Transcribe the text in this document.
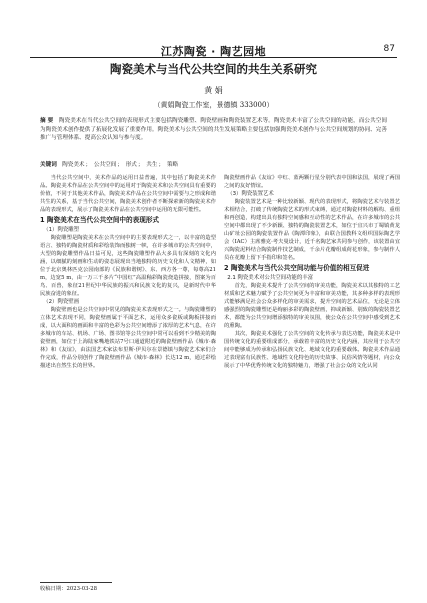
江苏陶瓷 · 陶艺园地	87
陶瓷美术与当代公共空间的共生关系研究
黄 娟
（黄娟陶瓷工作室，景德镇 333000）
摘 要 陶瓷美术在当代公共空间的表现形式主要包括陶瓷雕塑、陶瓷壁画和陶瓷装置艺术等。陶瓷美术丰富了公共空间的功能，而公共空间为陶瓷美术创作提供了拓展化发展了重要作用。陶瓷美术与公共空间的共生发展策略主要包括加强陶瓷美术创作与公共空间规划的协同、完善推广与管理体系、提高公众认知与参与度。
关键词 陶瓷美术； 公共空间； 形式； 共生； 策略

当代公共空间中，美术作品的运用日益普遍，其中包括了陶瓷美术作品。陶瓷美术作品在公共空间中的运用对于陶瓷美术和公共空间具有重要的价值，不同于其他美术作品，陶瓷美术作品在公共空间中需要与之形成和谐共生的关系，基于当代公共空间，陶瓷美术创作者不断探索新的陶瓷美术作品的表现形式，展示了陶瓷美术作品在公共空间中运用的无限可能性。

1 陶瓷美术在当代公共空间中的表现形式
（1）陶瓷雕塑

陶瓷雕塑是陶瓷美术在公共空间中的主要表现形式之一，以丰富的造型语言、独特的陶瓷材质和彩绘装饰而独树一帜，在许多城市的公共空间中，大型的陶瓷雕塑作品日益可见，这些陶瓷雕塑作品大多具有深刻的文化内涵，以细腻的刻画和生动的姿态展现出当地独特的历史文化和人文精神，如位于北京奥林匹克公园南部的《民族和谐树》、东、西方各一尊，每尊高21 m，边宽5 m，由一万三千多片“中国红”高温釉彩陶瓷烧造拼接，图案为百鸟、百兽，象征21世纪中华民族的振兴和民族文化的复兴，是新时代中华民族奋进的象征。

（2）陶瓷壁画

陶瓷壁画也是公共空间中常见的陶瓷美术表现形式之一。与陶瓷雕塑的立体艺术表现不同，陶瓷壁画属于平面艺术，运用众多瓷板或陶板拼接而成，以大面积的画面和丰富的色彩为公共空间增添了浓厚的艺术气息，在许多城市的车站、机场、广场、图书馆等公共空间中常可以看到不少精美的陶瓷壁画，如位于上海陆家嘴地铁站7号口通道附近的陶瓷壁画作品《城市·森林》和《友谊》，由法国艺术家法布里斯·伊贝尔在景德镇与陶瓷艺术家们合作完成，作品分别创作了陶瓷壁画作品《城市·森林》长达12 m，通过彩绘描述出自然生长的世界。

陶瓷壁画作品《友谊》中红、蓝两颗行星分别代表中国和法国，展现了两国之间的友好情谊。

（3）陶瓷装置艺术

陶瓷装置艺术是一种比较新颖、现代的表现形式，将陶瓷艺术与装置艺术相结合，打破了传统陶瓷艺术的形式束缚，通过对陶瓷材料的解构、重组和再创造，构建出具有独特空间感和互动性的艺术作品，在许多城市的公共空间中都出现了不少新颖、独特的陶瓷装置艺术，如位于宜兴市丁蜀镇黄龙山矿址公园的陶瓷装置作品《陶潭印象》，由联合国教科文组织国际陶艺学会（IAC）主席雅克·考夫曼设计，近千名陶艺家共同参与创作，该装置由宜兴陶瓷泥料结合陶瓷制作技艺制成，千余片花瓣组成荷花形象，参与制作人员在花瓣上留下手指印和签名。

2 陶瓷美术与当代公共空间功能与价值的相互促进
2.1 陶瓷美术对公共空间功能的丰富

首先，陶瓷美术提升了公共空间的审美功能，陶瓷美术以其独特的工艺材质和艺术魅力赋予了公共空间更为丰富和审美功能，其多种多样的表现形式能够满足社会公众多样化的审美需求，提升空间的艺术品位，无论是立体感强烈的陶瓷雕塑还是绚丽多彩的陶瓷壁画，抑或新颖、别致的陶瓷装置艺术，都能为公共空间增添独特的审美氛围，使公众在公共空间中感受到艺术的熏陶。

其次，陶瓷美术强化了公共空间的文化传承与表达功能，陶瓷美术是中国传统文化的重要组成部分，承载着丰富的历史文化内涵，其应用于公共空间中能够成为传承和弘扬民族文化、地域文化的重要载体。陶瓷美术作品通过表现富有民族性、地域性文化特色的历史故事、民俗风情等题材，向公众展示了中华优秀传统文化的独特魅力，增强了社会公众的文化认同

收稿日期：2023-03-28
